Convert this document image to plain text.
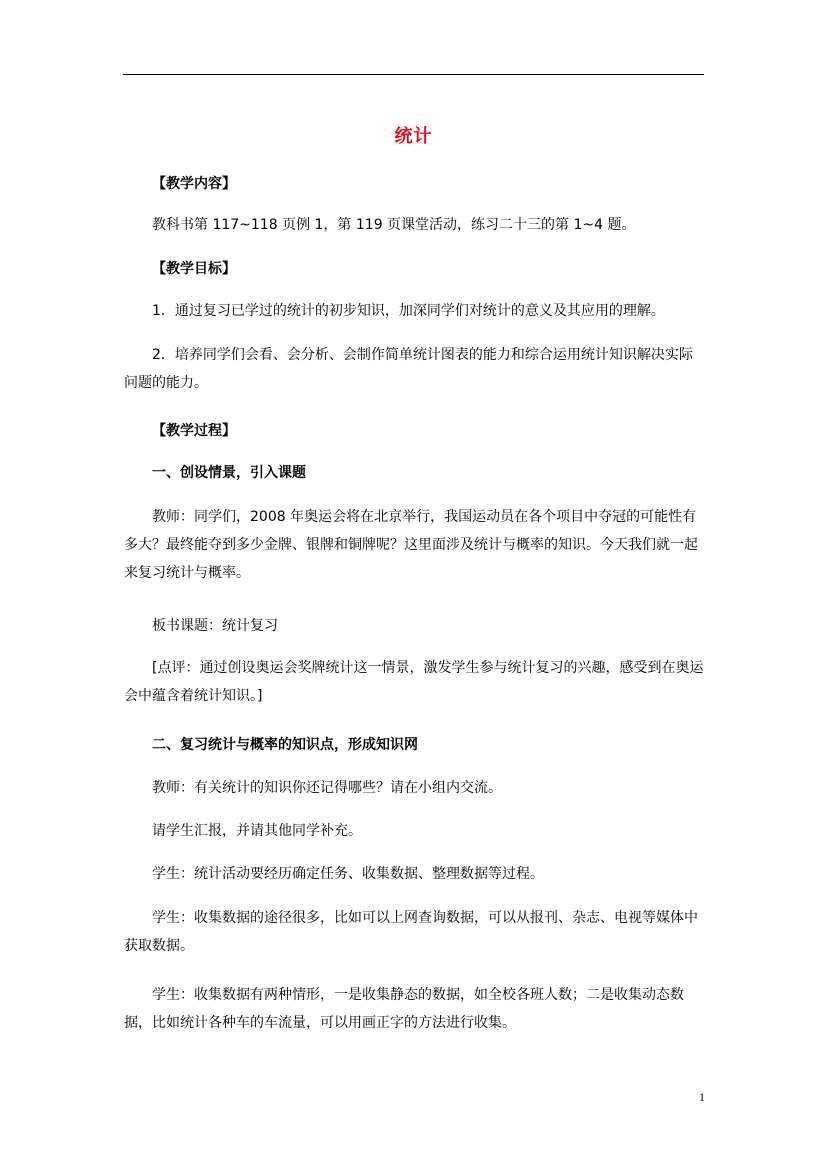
统计
【教学内容】
教科书第 117~118 页例 1，第 119 页课堂活动，练习二十三的第 1~4 题。
【教学目标】
1．通过复习已学过的统计的初步知识，加深同学们对统计的意义及其应用的理解。
2．培养同学们会看、会分析、会制作简单统计图表的能力和综合运用统计知识解决实际问题的能力。
【教学过程】
一、创设情景，引入课题
教师：同学们，2008 年奥运会将在北京举行，我国运动员在各个项目中夺冠的可能性有多大？最终能夺到多少金牌、银牌和铜牌呢？这里面涉及统计与概率的知识。今天我们就一起来复习统计与概率。
板书课题：统计复习
[点评：通过创设奥运会奖牌统计这一情景，激发学生参与统计复习的兴趣，感受到在奥运会中蕴含着统计知识。]
二、复习统计与概率的知识点，形成知识网
教师：有关统计的知识你还记得哪些？请在小组内交流。
请学生汇报，并请其他同学补充。
学生：统计活动要经历确定任务、收集数据、整理数据等过程。
学生：收集数据的途径很多，比如可以上网查询数据，可以从报刊、杂志、电视等媒体中获取数据。
学生：收集数据有两种情形，一是收集静态的数据，如全校各班人数；二是收集动态数据，比如统计各种车的车流量，可以用画正字的方法进行收集。
1
